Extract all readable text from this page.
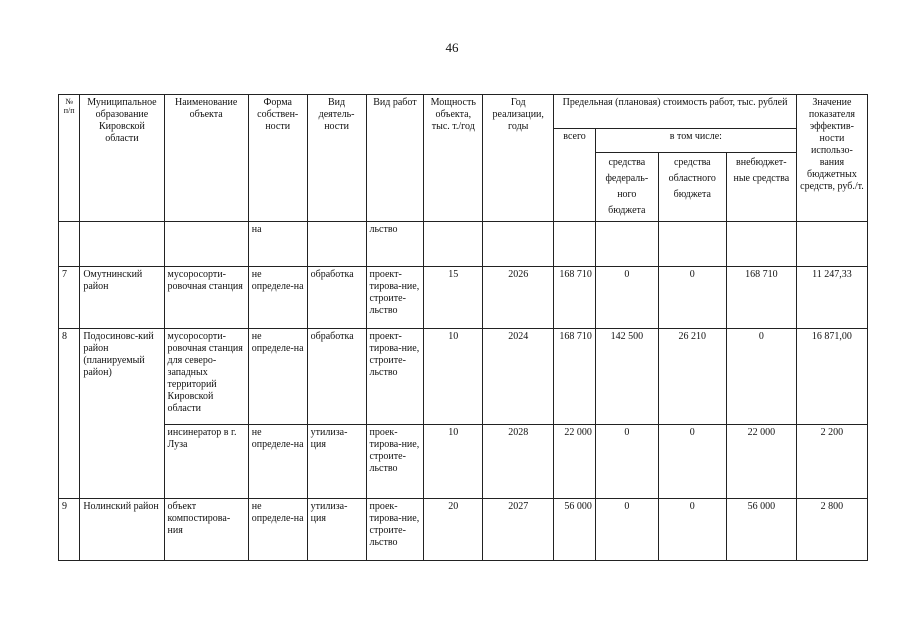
46
№ п/п	Муниципальное образование Кировской области	Наименование объекта	Форма собствен-ности	Вид деятель-ности	Вид работ	Мощность объекта, тыс. т./год	Год реализации, годы	Предельная (плановая) стоимость работ, тыс. рублей				Значение показателя эффектив-ности использо-вания бюджетных средств, руб./т.
								всего	в том числе:			
									средства федераль-ного бюджета	средства областного бюджета	внебюджет-ные средства	
			на		льство							
7	Омутнинский район	мусоросорти-ровочная станция	не определе-на	обработка	проект-тирова-ние, строите-льство	15	2026	168 710	0	0	168 710	11 247,33
8	Подосиновс-кий район (планируемый район)	мусоросорти-ровочная станция для северо-западных территорий Кировской области	не определе-на	обработка	проект-тирова-ние, строите-льство	10	2024	168 710	142 500	26 210	0	16 871,00
		инсинератор в г. Луза	не определе-на	утилиза-ция	проек-тирова-ние, строите-льство	10	2028	22 000	0	0	22 000	2 200
9	Нолинский район	объект компостирова-ния	не определе-на	утилиза-ция	проек-тирова-ние, строите-льство	20	2027	56 000	0	0	56 000	2 800
